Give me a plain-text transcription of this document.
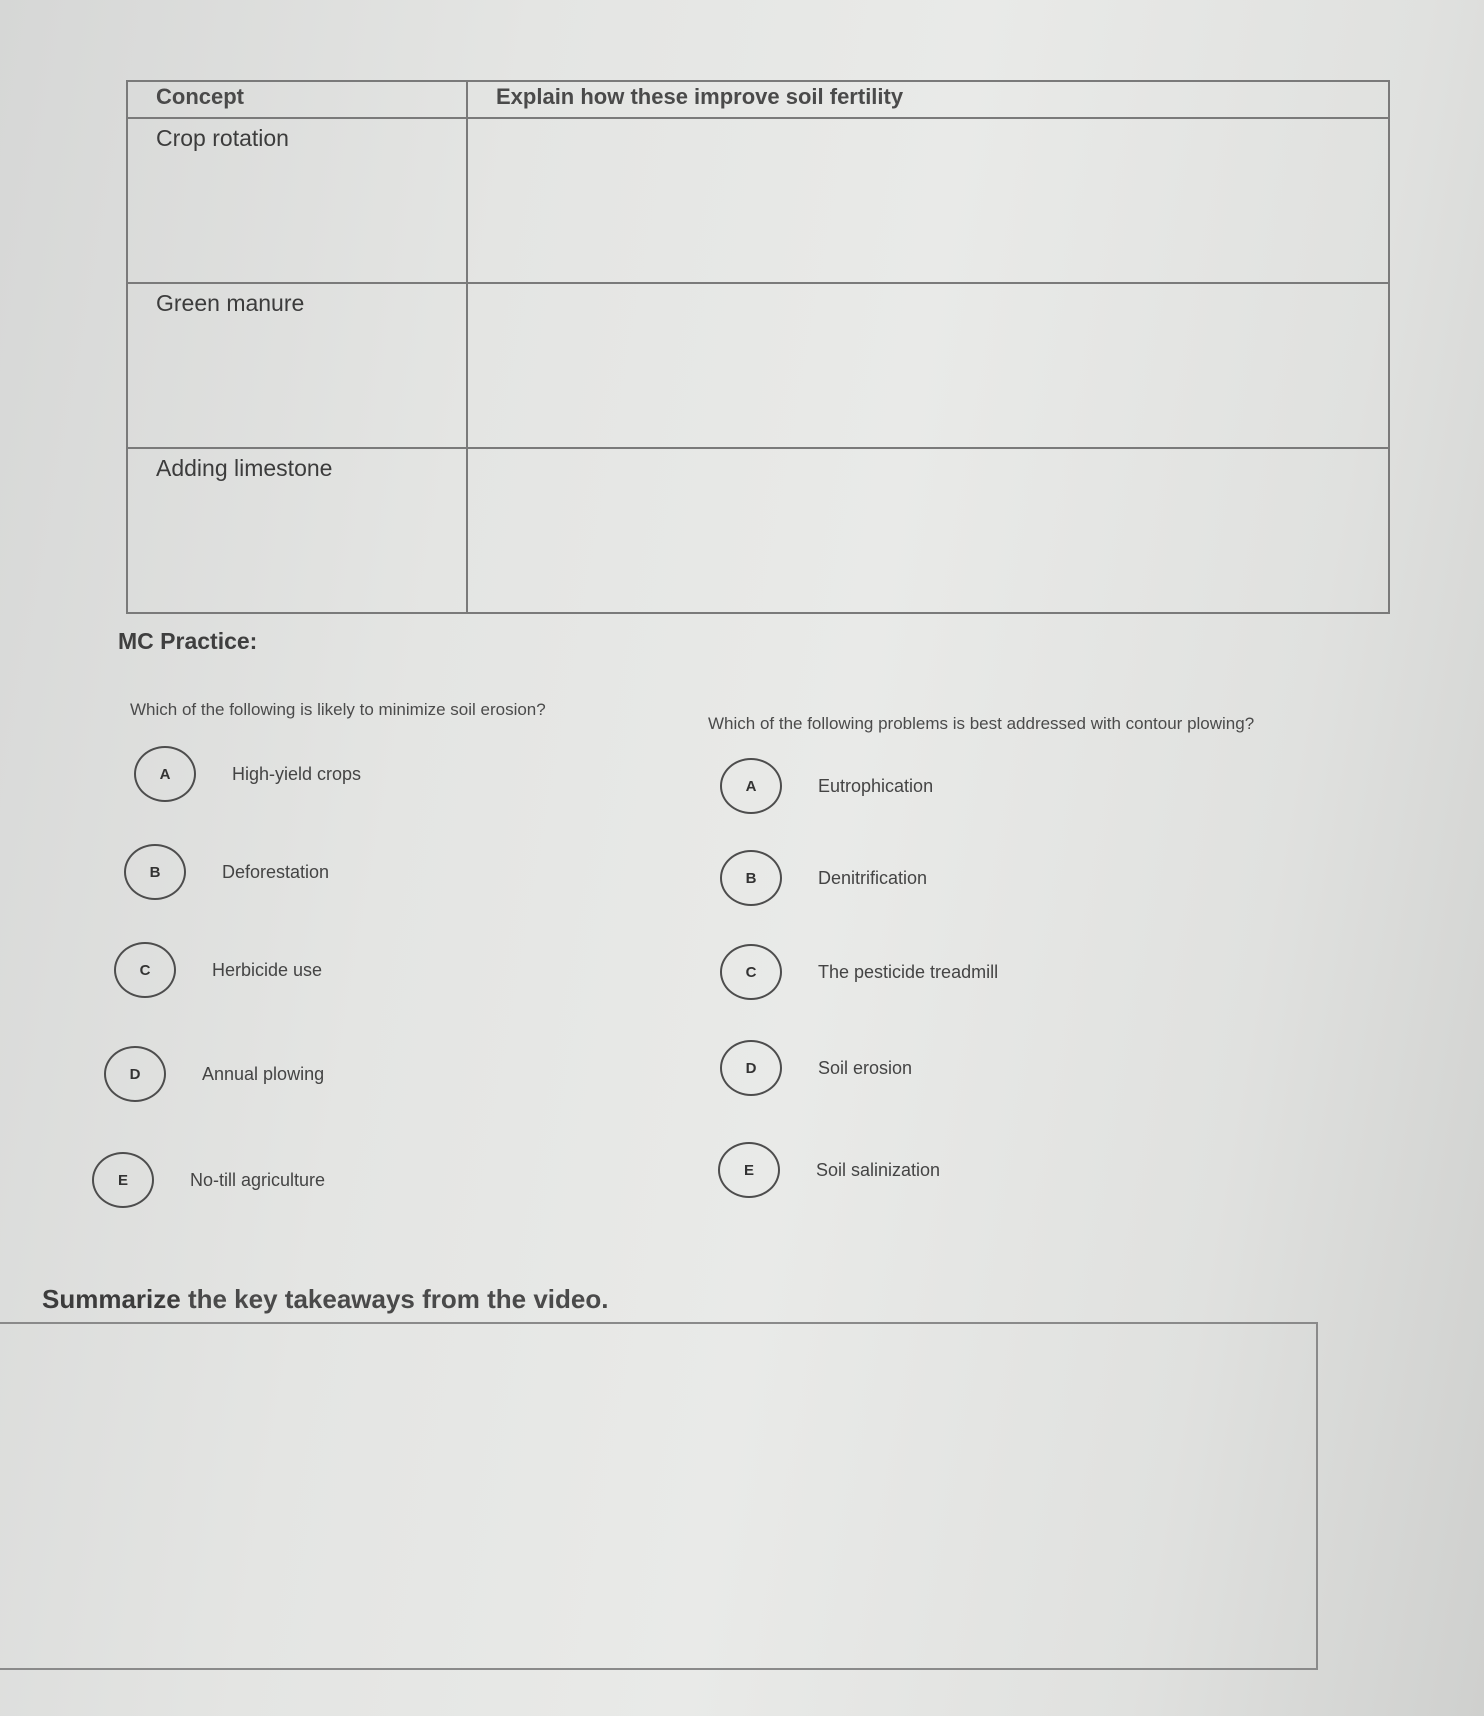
Concept	Explain how these improve soil fertility
Crop rotation	
Green manure	
Adding limestone	
MC Practice:

Which of the following is likely to minimize soil erosion?

A	High-yield crops
B	Deforestation
C	Herbicide use
D	Annual plowing
E	No-till agriculture

Which of the following problems is best addressed with contour plowing?

A	Eutrophication
B	Denitrification
C	The pesticide treadmill
D	Soil erosion
E	Soil salinization
Summarize the key takeaways from the video.
